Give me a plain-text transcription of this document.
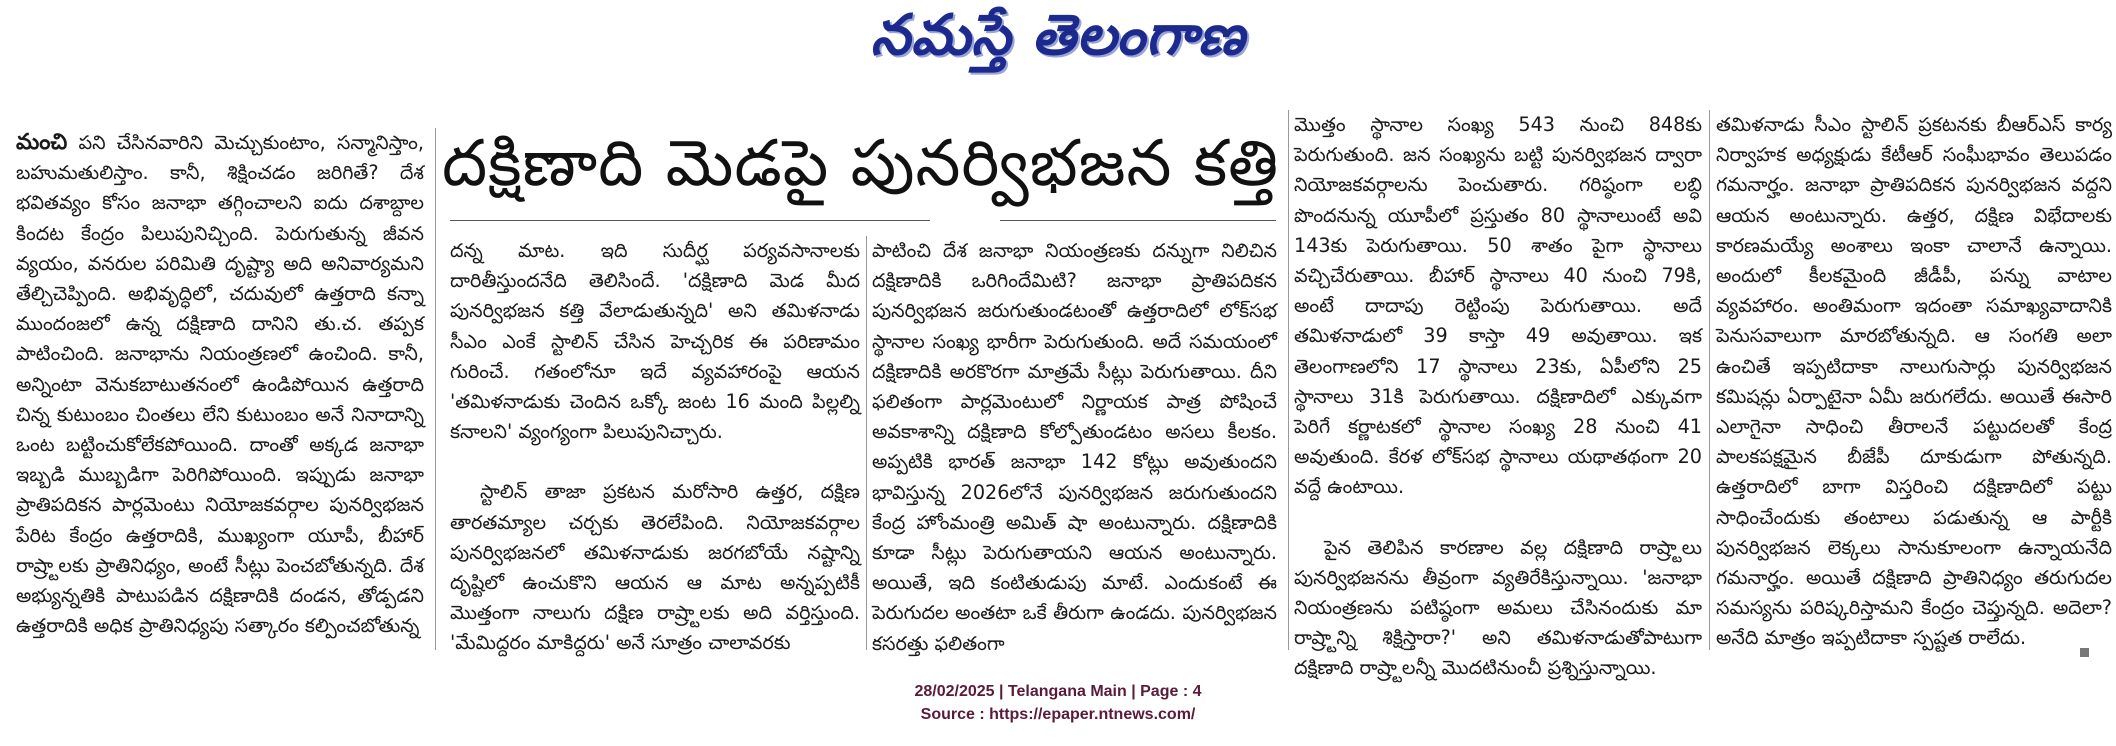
నమస్తే తెలంగాణ

మంచి పని చేసినవారిని మెచ్చుకుంటాం, సన్మానిస్తాం, బహుమతులిస్తాం. కానీ, శిక్షించడం జరిగితే? దేశ భవితవ్యం కోసం జనాభా తగ్గించాలని ఐదు దశాబ్దాల కిందట కేంద్రం పిలుపునిచ్చింది. పెరుగుతున్న జీవన వ్యయం, వనరుల పరిమితి దృష్ట్యా అది అనివార్యమని తేల్చిచెప్పింది. అభివృద్ధిలో, చదువులో ఉత్తరాది కన్నా ముందంజలో ఉన్న దక్షిణాది దానిని తు.చ. తప్పక పాటించింది. జనాభాను నియంత్రణలో ఉంచింది. కానీ, అన్నింటా వెనుకబాటుతనంలో ఉండిపోయిన ఉత్తరాది చిన్న కుటుంబం చింతలు లేని కుటుంబం అనే నినాదాన్ని ఒంట బట్టించుకోలేకపోయింది. దాంతో అక్కడ జనాభా ఇబ్బడి ముబ్బడిగా పెరిగిపోయింది. ఇప్పుడు జనాభా ప్రాతిపదికన పార్లమెంటు నియోజకవర్గాల పునర్విభజన పేరిట కేంద్రం ఉత్తరాదికి, ముఖ్యంగా యూపీ, బీహార్ రాష్ర్టాలకు ప్రాతినిధ్యం, అంటే సీట్లు పెంచబోతున్నది. దేశ అభ్యున్నతికి పాటుపడిన దక్షిణాదికి దండన, తోడ్పడని ఉత్తరాదికి అధిక ప్రాతినిధ్యపు సత్కారం కల్పించబోతున్న

దక్షిణాది మెడపై పునర్విభజన కత్తి

దన్న మాట. ఇది సుదీర్ఘ పర్యవసానాలకు దారితీస్తుందనేది తెలిసిందే. 'దక్షిణాది మెడ మీద పునర్విభజన కత్తి వేలాడుతున్నది' అని తమిళనాడు సీఎం ఎంకే స్టాలిన్ చేసిన హెచ్చరిక ఈ పరిణామం గురించే. గతంలోనూ ఇదే వ్యవహారంపై ఆయన 'తమిళనాడుకు చెందిన ఒక్కో జంట 16 మంది పిల్లల్ని కనాలని' వ్యంగ్యంగా పిలుపునిచ్చారు.

స్టాలిన్ తాజా ప్రకటన మరోసారి ఉత్తర, దక్షిణ తారతమ్యాల చర్చకు తెరలేపింది. నియోజకవర్గాల పునర్విభజనలో తమిళనాడుకు జరగబోయే నష్టాన్ని దృష్టిలో ఉంచుకొని ఆయన ఆ మాట అన్నప్పటికీ మొత్తంగా నాలుగు దక్షిణ రాష్ర్టాలకు అది వర్తిస్తుంది. 'మేమిద్దరం మాకిద్దరు' అనే సూత్రం చాలావరకు

పాటించి దేశ జనాభా నియంత్రణకు దన్నుగా నిలిచిన దక్షిణాదికి ఒరిగిందేమిటి? జనాభా ప్రాతిపదికన పునర్విభజన జరుగుతుండటంతో ఉత్తరాదిలో లోక్‌సభ స్థానాల సంఖ్య భారీగా పెరుగుతుంది. అదే సమయంలో దక్షిణాదికి అరకొరగా మాత్రమే సీట్లు పెరుగుతాయి. దీని ఫలితంగా పార్లమెంటులో నిర్ణాయక పాత్ర పోషించే అవకాశాన్ని దక్షిణాది కోల్పోతుండటం అసలు కీలకం. అప్పటికి భారత్ జనాభా 142 కోట్లు అవుతుందని భావిస్తున్న 2026లోనే పునర్విభజన జరుగుతుందని కేంద్ర హోంమంత్రి అమిత్ షా అంటున్నారు. దక్షిణాదికి కూడా సీట్లు పెరుగుతాయని ఆయన అంటున్నారు. అయితే, ఇది కంటితుడుపు మాటే. ఎందుకంటే ఈ పెరుగుదల అంతటా ఒకే తీరుగా ఉండదు. పునర్విభజన కసరత్తు ఫలితంగా

మొత్తం స్థానాల సంఖ్య 543 నుంచి 848కు పెరుగుతుంది. జన సంఖ్యను బట్టి పునర్విభజన ద్వారా నియోజకవర్గాలను పెంచుతారు. గరిష్ఠంగా లబ్ధి పొందనున్న యూపీలో ప్రస్తుతం 80 స్థానాలుంటే అవి 143కు పెరుగుతాయి. 50 శాతం పైగా స్థానాలు వచ్చిచేరుతాయి. బీహార్ స్థానాలు 40 నుంచి 79కి, అంటే దాదాపు రెట్టింపు పెరుగుతాయి. అదే తమిళనాడులో 39 కాస్తా 49 అవుతాయి. ఇక తెలంగాణలోని 17 స్థానాలు 23కు, ఏపీలోని 25 స్థానాలు 31కి పెరుగుతాయి. దక్షిణాదిలో ఎక్కువగా పెరిగే కర్ణాటకలో స్థానాల సంఖ్య 28 నుంచి 41 అవుతుంది. కేరళ లోక్‌సభ స్థానాలు యథాతథంగా 20 వద్దే ఉంటాయి.

పైన తెలిపిన కారణాల వల్ల దక్షిణాది రాష్ర్టాలు పునర్విభజనను తీవ్రంగా వ్యతిరేకిస్తున్నాయి. 'జనాభా నియంత్రణను పటిష్ఠంగా అమలు చేసినందుకు మా రాష్ర్టాన్ని శిక్షిస్తారా?' అని తమిళనాడుతోపాటుగా దక్షిణాది రాష్ర్టాలన్నీ మొదటినుంచీ ప్రశ్నిస్తున్నాయి.

తమిళనాడు సీఎం స్టాలిన్ ప్రకటనకు బీఆర్‌ఎస్ కార్య నిర్వాహక అధ్యక్షుడు కేటీఆర్ సంఘీభావం తెలుపడం గమనార్హం. జనాభా ప్రాతిపదికన పునర్విభజన వద్దని ఆయన అంటున్నారు. ఉత్తర, దక్షిణ విభేదాలకు కారణమయ్యే అంశాలు ఇంకా చాలానే ఉన్నాయి. అందులో కీలకమైంది జీడీపీ, పన్ను వాటాల వ్యవహారం. అంతిమంగా ఇదంతా సమాఖ్యవాదానికి పెనుసవాలుగా మారబోతున్నది. ఆ సంగతి అలా ఉంచితే ఇప్పటిదాకా నాలుగుసార్లు పునర్విభజన కమిషన్లు ఏర్పాటైనా ఏమీ జరుగలేదు. అయితే ఈసారి ఎలాగైనా సాధించి తీరాలనే పట్టుదలతో కేంద్ర పాలకపక్షమైన బీజేపీ దూకుడుగా పోతున్నది. ఉత్తరాదిలో బాగా విస్తరించి దక్షిణాదిలో పట్టు సాధించేందుకు తంటాలు పడుతున్న ఆ పార్టీకి పునర్విభజన లెక్కలు సానుకూలంగా ఉన్నాయనేది గమనార్హం. అయితే దక్షిణాది ప్రాతినిధ్యం తరుగుదల సమస్యను పరిష్కరిస్తామని కేంద్రం చెప్తున్నది. అదెలా? అనేది మాత్రం ఇప్పటిదాకా స్పష్టత రాలేదు.

28/02/2025 | Telangana Main | Page : 4
Source : https://epaper.ntnews.com/
